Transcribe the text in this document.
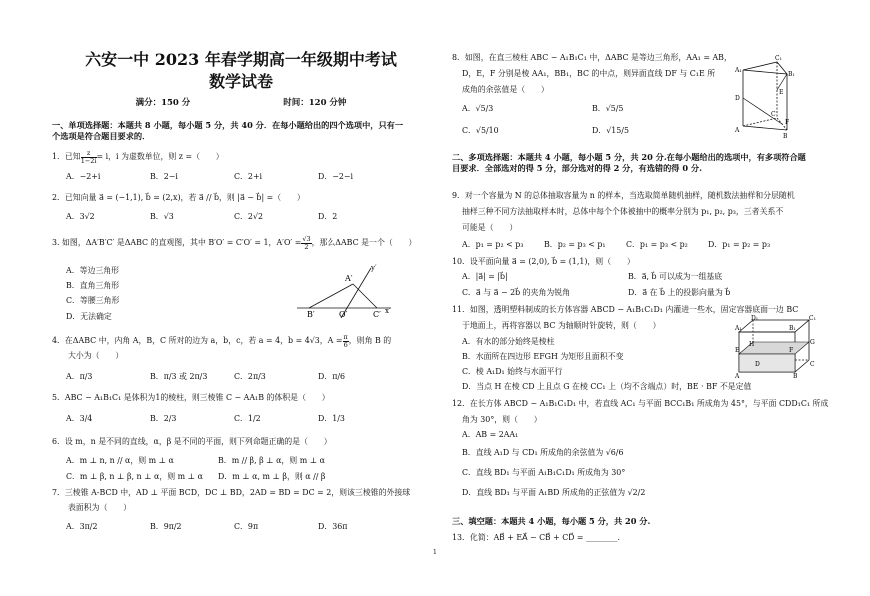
六安一中 2023 年春学期高一年级期中考试
数学试卷
满分：150 分	时间：120 分钟
一、单项选择题：本题共 8 小题，每小题 5 分，共 40 分．在每小题给出的四个选项中，只有一
个选项是符合题目要求的．
1．已知 $\frac{z}{1-2i} = i$，i 为虚数单位，则 z =（　　）
A．−2+i	B．2−i	C．2+i	D．−2−i
2．已知向量 a⃗ = (−1,1), b⃗ = (2,x)，若 a⃗ // b⃗，则 |a⃗ − b⃗| =（　　）
A．3√2	B．√3	C．2√2	D．2
3. 如图，ΔA′B′C′ 是ΔABC 的直观图，其中 B′O′ = C′O′ = 1，$A'O' = \frac{√3}{2}$ ，那么ΔABC 是一个（　　）
A．等边三角形
B．直角三角形
C．等腰三角形
D．无法确定
A′
B′	O′	C′ x′
y′
4．在ΔABC 中，内角 A，B，C 所对的边为 a，b，c，若 a = 4，b = 4√3，$A = \frac{\pi}{6}$ ，则角 B 的
大小为（　　）
A．π/3	B．π/3 或 2π/3	C．2π/3	D．π/6
5．ABC − A₁B₁C₁ 是体积为1的棱柱，则三棱锥 C − AA₁B 的体积是（　　）
A．3/4	B．2/3	C．1/2	D．1/3
6．设 m，n 是不同的直线，α，β 是不同的平面，则下列命题正确的是（　　）
A．m ⊥ n, n // α，则 m ⊥ α	B．m // β, β ⊥ α，则 m ⊥ α
C．m ⊥ β, n ⊥ β, n ⊥ α，则 m ⊥ α	D．m ⊥ α, m ⊥ β，则 α // β
7．三棱锥 A-BCD 中，AD ⊥ 平面 BCD，DC ⊥ BD，2AD = BD = DC = 2，则该三棱锥的外接球
表面积为（　　）
A．3π/2	B．9π/2	C．9π	D．36π
8．如图，在直三棱柱 ABC − A₁B₁C₁ 中，ΔABC 是等边三角形，AA₁ = AB，
D，E，F 分别是棱 AA₁，BB₁，BC 的中点，则异面直线 DF 与 C₁E 所
成角的余弦值是（　　）
A．√5/3	B．√5/5
C．√5/10	D．√15/5
A₁
C₁
B₁
D
E
A
C
B
F
二、多项选择题：本题共 4 小题，每小题 5 分，共 20 分.在每小题给出的选项中，有多项符合题
目要求．全部选对的得 5 分，部分选对的得 2 分，有选错的得 0 分.
9．对一个容量为 N 的总体抽取容量为 n 的样本，当选取简单随机抽样，随机数法抽样和分层随机
抽样三种不同方法抽取样本时，总体中每个个体被抽中的概率分别为 p₁, p₂, p₃，三者关系不
可能是（　　）
A．p₁ = p₂ < p₃	B．p₂ = p₃ < p₁	C．p₁ = p₃ < p₂	D．p₁ = p₂ = p₃
10．设平面向量 a⃗ = (2,0), b⃗ = (1,1)，则（　　）
A．|a⃗| = |b⃗|	B．a⃗, b⃗ 可以成为一组基底
C．a⃗ 与 a⃗ − 2b⃗ 的夹角为锐角	D．a⃗ 在 b⃗ 上的投影向量为 b⃗
11．如图，透明塑料制成的长方体容器 ABCD − A₁B₁C₁D₁ 内灌进一些水，固定容器底面一边 BC
于地面上，再将容器以 BC 为轴顺时针旋转，则（　　）
A．有水的部分始终是棱柱
B．水面所在四边形 EFGH 为矩形且面积不变
C．棱 A₁D₁ 始终与水面平行
D．当点 H 在棱 CD 上且点 G 在棱 CC₁ 上（均不含端点）时，BE · BF 不是定值
A₁
D₁	C₁
B₁
E
H	G
F
A
D	C
B
12．在长方体 ABCD − A₁B₁C₁D₁ 中，若直线 AC₁ 与平面 BCC₁B₁ 所成角为 45°，与平面 CDD₁C₁ 所成
角为 30°，则（　　）
A．AB = 2AA₁
B．直线 A₁D 与 CD₁ 所成角的余弦值为 √6/6
C．直线 BD₁ 与平面 A₁B₁C₁D₁ 所成角为 30°
D．直线 BD₁ 与平面 A₁BD 所成角的正弦值为 √2/2
三、填空题：本题共 4 小题，每小题 5 分，共 20 分.
13．化简：AB⃗ + EA⃗ − CB⃗ + CD⃗ = ________.
1
